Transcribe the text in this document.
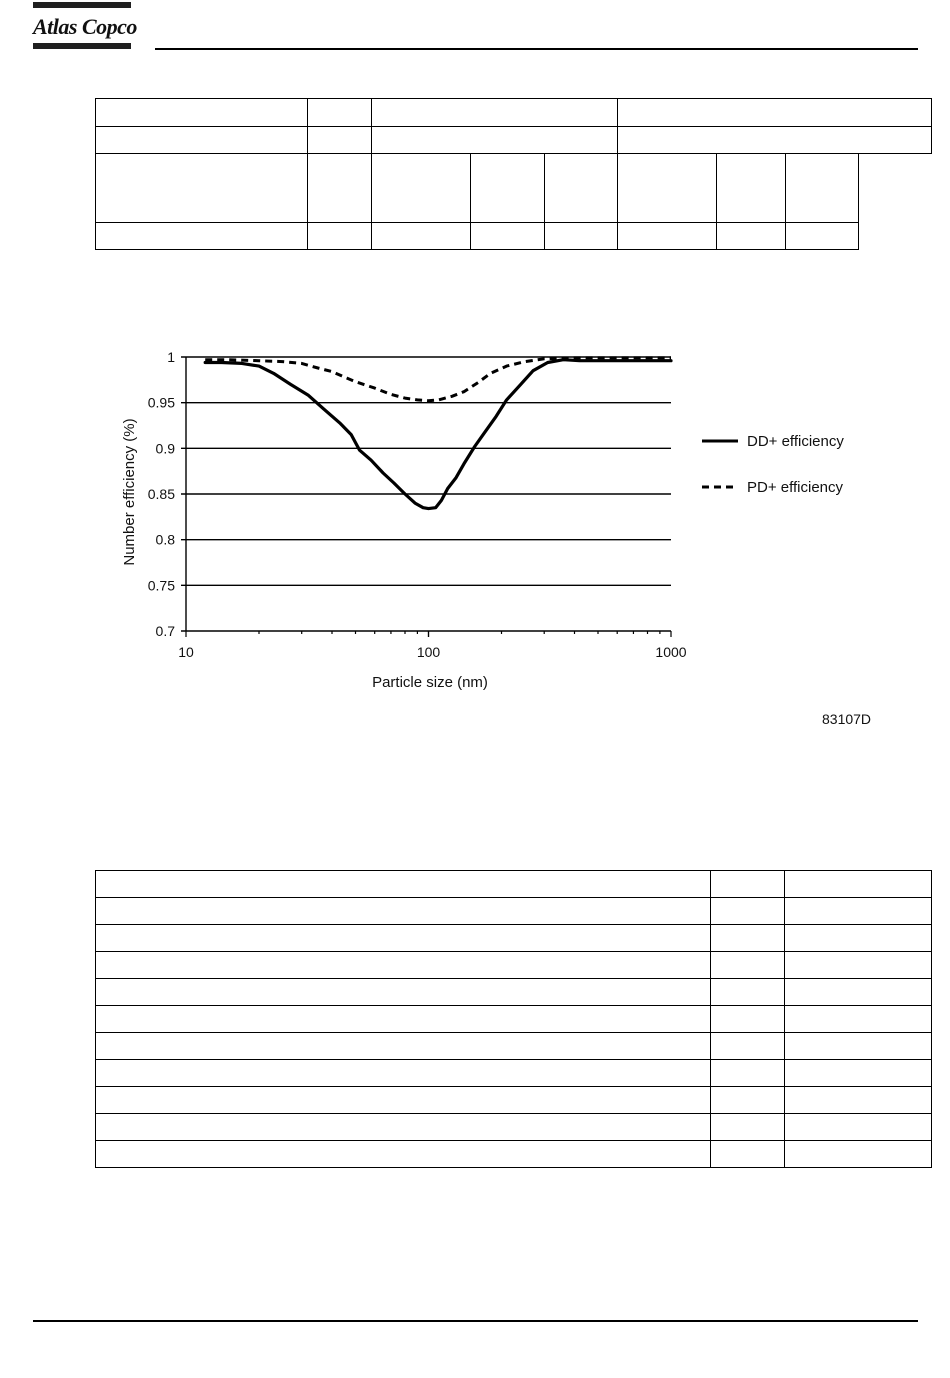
Atlas Copco

1
0.95
0.9
0.85
0.8
0.75
0.7
10	100	1000
DD+ efficiency
PD+ efficiency
Number efficiency (%)
Particle size (nm)
83107D
